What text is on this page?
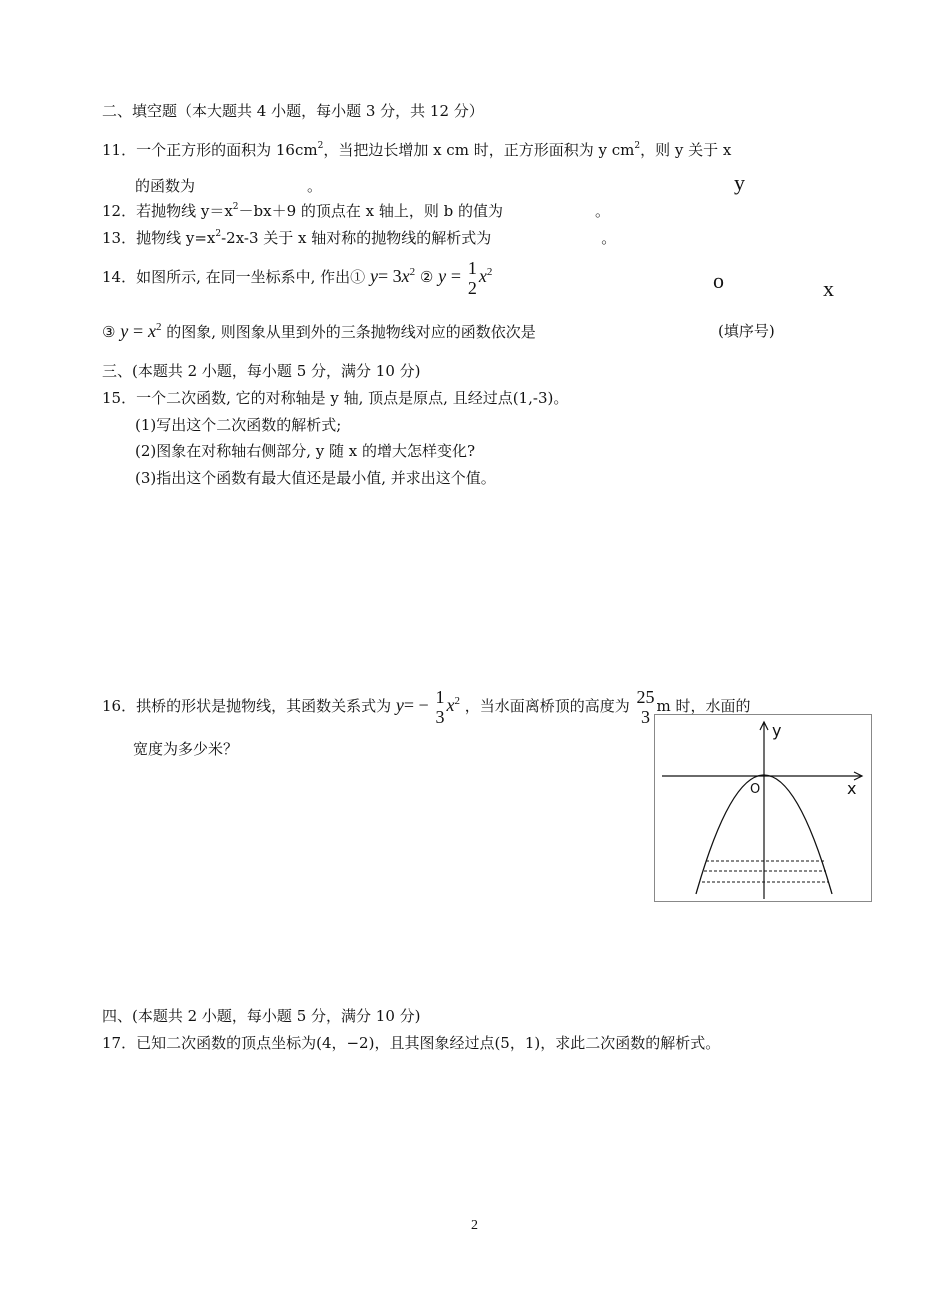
二、填空题（本大题共 4 小题，每小题 3 分，共 12 分）
11．一个正方形的面积为 $16cm^2$，当把边长增加 x cm 时，正方形面积为 y $cm^2$，则 y 关于 x
的函数为	。
12．若抛物线 $y=x^2-bx+9$ 的顶点在 x 轴上，则 b 的值为	。
13．抛物线 $y=x^2-2x-3$ 关于 x 轴对称的抛物线的解析式为	。
14．如图所示, 在同一坐标系中, 作出① $y= 3x^2$ ② y = 1
2
$x^2$
y
o	x
③ $y = x^2$ 的图象, 则图象从里到外的三条抛物线对应的函数依次是	(填序号)
三、(本题共 2 小题，每小题 5 分，满分 10 分)
15．一个二次函数, 它的对称轴是 y 轴, 顶点是原点, 且经过点(1,-3)。
(1)写出这个二次函数的解析式;
(2)图象在对称轴右侧部分, y 随 x 的增大怎样变化?
(3)指出这个函数有最大值还是最小值, 并求出这个值。
16．拱桥的形状是抛物线，其函数关系式为 y= − 1
3
$x^2$ ，当水面离桥顶的高度为 25
3
m 时，水面的
宽度为多少米？
y
O	x
四、(本题共 2 小题，每小题 5 分，满分 10 分)
17．已知二次函数的顶点坐标为(4，−2)，且其图象经过点(5，1)，求此二次函数的解析式。
2
